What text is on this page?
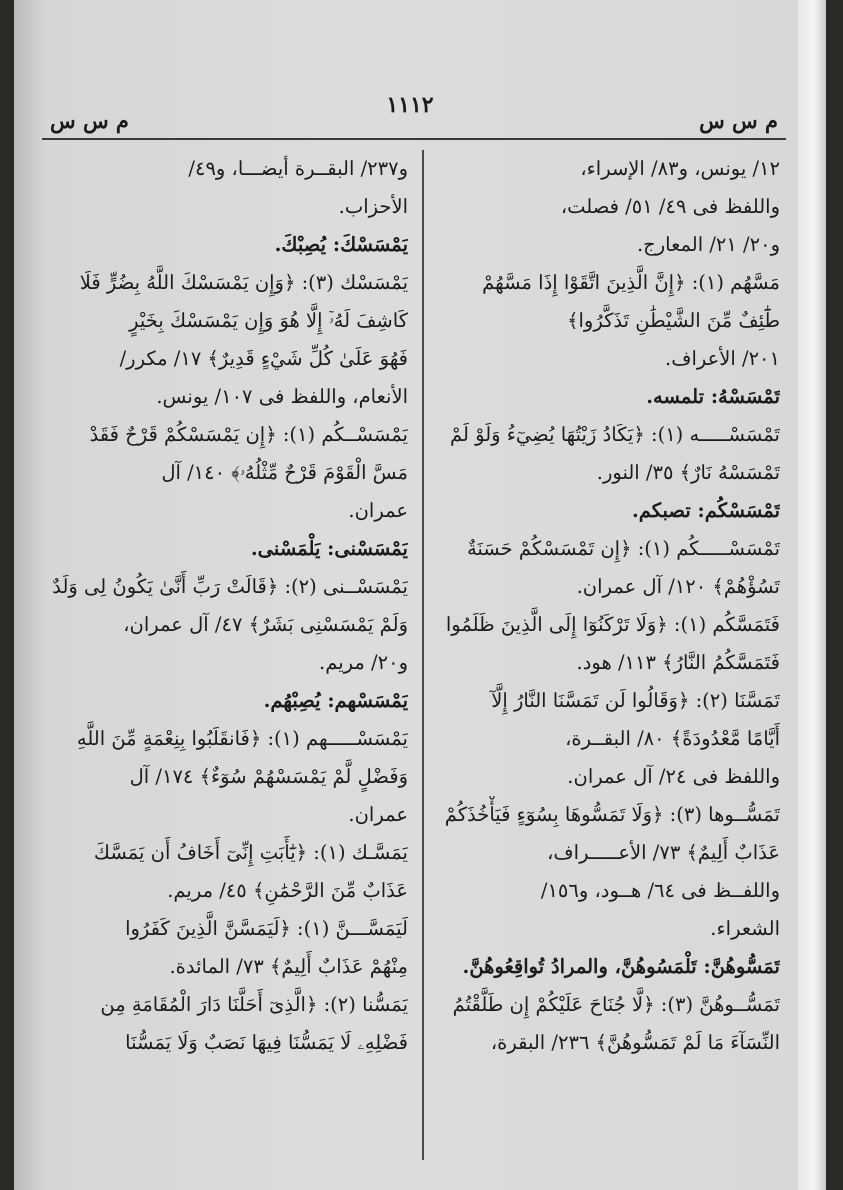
١١١٢
م س س
م س س
١٢/ يونس، و٨٣/ الإسراء،
واللفظ فى ٤٩/ ٥١/ فصلت،
و٢٠/ ٢١/ المعارج.
مَسَّهُم (١): ﴿إِنَّ الَّذِينَ اتَّقَوْا إِذَا مَسَّهُمْ
طَٰٓئِفٌ مِّنَ الشَّيْطَٰنِ تَذَكَّرُوا﴾
٢٠١/ الأعراف.
تَمْسَسْهُ: تلمسه.
تَمْسَسْـــــه (١): ﴿يَكَادُ زَيْتُهَا يُضِيٓءُ وَلَوْ لَمْ
تَمْسَسْهُ نَارٌ﴾ ٣٥/ النور.
تَمْسَسْكُم: تصبكم.
تَمْسَسْـــــكُم (١): ﴿إِن تَمْسَسْكُمْ حَسَنَةٌ
تَسُؤْهُمْ﴾ ١٢٠/ آل عمران.
فَتَمَسَّكُم (١): ﴿وَلَا تَرْكَنُوٓا إِلَى الَّذِينَ ظَلَمُوا
فَتَمَسَّكُمُ النَّارُ﴾ ١١٣/ هود.
تَمَسَّنَا (٢): ﴿وَقَالُوا لَن تَمَسَّنَا النَّارُ إِلَّآ
أَيَّامًا مَّعْدُودَةً﴾ ٨٠/ البقــرة،
واللفظ فى ٢٤/ آل عمران.
تَمَسُّــوها (٣): ﴿وَلَا تَمَسُّوهَا بِسُوٓءٍ فَيَأْخُذَكُمْ
عَذَابٌ أَلِيمٌ﴾ ٧٣/ الأعـــــراف،
واللفــظ فى ٦٤/ هــود، و١٥٦/
الشعراء.
تَمَسُّوهُنَّ: تَلْمَسُوهُنَّ، والمرادُ تُواقِعُوهُنَّ.
تَمَسُّــوهُنَّ (٣): ﴿لَّا جُنَاحَ عَلَيْكُمْ إِن طَلَّقْتُمُ
النِّسَآءَ مَا لَمْ تَمَسُّوهُنَّ﴾ ٢٣٦/ البقرة،
و٢٣٧/ البقــرة أيضـــا، و٤٩/
الأحزاب.
يَمْسَسْكَ: يُصِبْكَ.
يَمْسَسْك (٣): ﴿وَإِن يَمْسَسْكَ اللَّهُ بِضُرٍّ فَلَا
كَاشِفَ لَهُۥٓ إِلَّا هُوَ وَإِن يَمْسَسْكَ بِخَيْرٍ
فَهُوَ عَلَىٰ كُلِّ شَيْءٍ قَدِيرٌ﴾ ١٧/ مكرر/
الأنعام، واللفظ فى ١٠٧/ يونس.
يَمْسَسْــكُم (١): ﴿إِن يَمْسَسْكُمْ قَرْحٌ فَقَدْ
مَسَّ الْقَوْمَ قَرْحٌ مِّثْلُهُۥ﴾ ١٤٠/ آل
عمران.
يَمْسَسْنى: يَلْمَسْنى.
يَمْسَسْــنى (٢): ﴿قَالَتْ رَبِّ أَنَّىٰ يَكُونُ لِى وَلَدٌ
وَلَمْ يَمْسَسْنِى بَشَرٌ﴾ ٤٧/ آل عمران،
و٢٠/ مريم.
يَمْسَسْهم: يُصِبْهُم.
يَمْسَسْـــــهم (١): ﴿فَانقَلَبُوا بِنِعْمَةٍ مِّنَ اللَّهِ
وَفَضْلٍ لَّمْ يَمْسَسْهُمْ سُوٓءٌ﴾ ١٧٤/ آل
عمران.
يَمَسَّـك (١): ﴿يَٰٓأَبَتِ إِنِّىٓ أَخَافُ أَن يَمَسَّكَ
عَذَابٌ مِّنَ الرَّحْمَٰنِ﴾ ٤٥/ مريم.
لَيَمَسَّـــنَّ (١): ﴿لَيَمَسَّنَّ الَّذِينَ كَفَرُوا
مِنْهُمْ عَذَابٌ أَلِيمٌ﴾ ٧٣/ المائدة.
يَمَسُّنا (٢): ﴿الَّذِىٓ أَحَلَّنَا دَارَ الْمُقَامَةِ مِن
فَضْلِهِۦ لَا يَمَسُّنَا فِيهَا نَصَبٌ وَلَا يَمَسُّنَا
